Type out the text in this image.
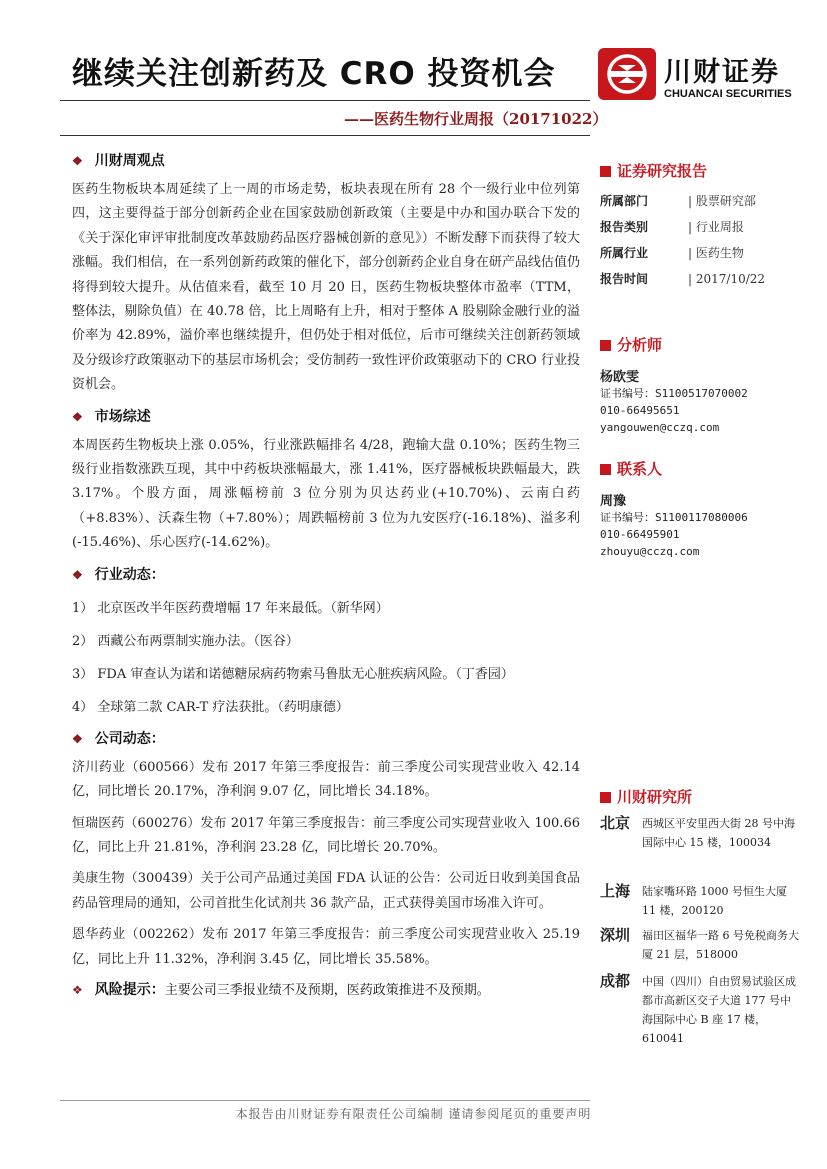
继续关注创新药及 CRO 投资机会
——医药生物行业周报（20171022）
川财证券
CHUANCAI SECURITIES
❖ 川财周观点

医药生物板块本周延续了上一周的市场走势，板块表现在所有 28 个一级行业中位列第四，这主要得益于部分创新药企业在国家鼓励创新政策（主要是中办和国办联合下发的《关于深化审评审批制度改革鼓励药品医疗器械创新的意见》）不断发酵下而获得了较大涨幅。我们相信，在一系列创新药政策的催化下，部分创新药企业自身在研产品线估值仍将得到较大提升。从估值来看，截至 10 月 20 日，医药生物板块整体市盈率（TTM，整体法，剔除负值）在 40.78 倍，比上周略有上升，相对于整体 A 股剔除金融行业的溢价率为 42.89%，溢价率也继续提升，但仍处于相对低位，后市可继续关注创新药领域及分级诊疗政策驱动下的基层市场机会；受仿制药一致性评价政策驱动下的 CRO 行业投资机会。

❖ 市场综述

本周医药生物板块上涨 0.05%，行业涨跌幅排名 4/28，跑输大盘 0.10%；医药生物三级行业指数涨跌互现，其中中药板块涨幅最大，涨 1.41%，医疗器械板块跌幅最大，跌 3.17%。个股方面，周涨幅榜前 3 位分别为贝达药业(+10.70%)、云南白药（+8.83%）、沃森生物（+7.80%）；周跌幅榜前 3 位为九安医疗(-16.18%)、溢多利(-15.46%)、乐心医疗(-14.62%)。

❖ 行业动态：

1） 北京医改半年医药费增幅 17 年来最低。（新华网）

2） 西藏公布两票制实施办法。（医谷）

3） FDA 审查认为诺和诺德糖尿病药物索马鲁肽无心脏疾病风险。（丁香园）

4） 全球第二款 CAR-T 疗法获批。（药明康德）

❖ 公司动态：

济川药业（600566）发布 2017 年第三季度报告：前三季度公司实现营业收入 42.14 亿，同比增长 20.17%，净利润 9.07 亿，同比增长 34.18%。

恒瑞医药（600276）发布 2017 年第三季度报告：前三季度公司实现营业收入 100.66 亿，同比上升 21.81%，净利润 23.28 亿，同比增长 20.70%。

美康生物（300439）关于公司产品通过美国 FDA 认证的公告：公司近日收到美国食品药品管理局的通知，公司首批生化试剂共 36 款产品，正式获得美国市场准入许可。

恩华药业（002262）发布 2017 年第三季度报告：前三季度公司实现营业收入 25.19 亿，同比上升 11.32%，净利润 3.45 亿，同比增长 35.58%。

❖ 风险提示：主要公司三季报业绩不及预期，医药政策推进不及预期。
证券研究报告
所属部门	| 股票研究部
报告类别	| 行业周报
所属行业	| 医药生物
报告时间	| 2017/10/22
分析师
杨欧雯
证书编号：S1100517070002
010-66495651
yangouwen@cczq.com
联系人
周豫
证书编号：S1100117080006
010-66495901
zhouyu@cczq.com
川财研究所
北京 西城区平安里西大街 28 号中海国际中心 15 楼，100034
上海 陆家嘴环路 1000 号恒生大厦 11 楼，200120
深圳 福田区福华一路 6 号免税商务大厦 21 层，518000
成都 中国（四川）自由贸易试验区成都市高新区交子大道 177 号中海国际中心 B 座 17 楼，610041
本报告由川财证券有限责任公司编制 谨请参阅尾页的重要声明
